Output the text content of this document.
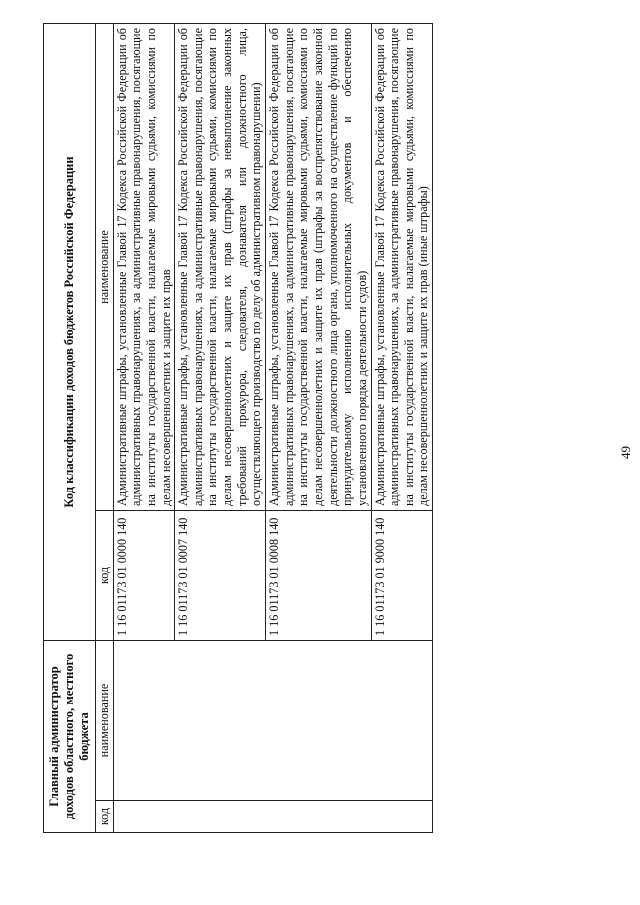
Главный администратор доходов областного, местного бюджета		Код классификации доходов бюджетов Российской Федерации	
код	наименование	код	наименование
		1 16 01173 01 0000 140	Административные штрафы, установленные Главой 17 Кодекса Российской Федерации об административных правонарушениях, за административные правонарушения, посягающие на институты государственной власти, налагаемые мировыми судьями, комиссиями по делам несовершеннолетних и защите их прав
		1 16 01173 01 0007 140	Административные штрафы, установленные Главой 17 Кодекса Российской Федерации об административных правонарушениях, за административные правонарушения, посягающие на институты государственной власти, налагаемые мировыми судьями, комиссиями по делам несовершеннолетних и защите их прав (штрафы за невыполнение законных требований прокурора, следователя, дознавателя или должностного лица, осуществляющего производство по делу об административном правонарушении)
		1 16 01173 01 0008 140	Административные штрафы, установленные Главой 17 Кодекса Российской Федерации об административных правонарушениях, за административные правонарушения, посягающие на институты государственной власти, налагаемые мировыми судьями, комиссиями по делам несовершеннолетних и защите их прав (штрафы за воспрепятствование законной деятельности должностного лица органа, уполномоченного на осуществление функций по принудительному исполнению исполнительных документов и обеспечению установленного порядка деятельности судов)
		1 16 01173 01 9000 140	Административные штрафы, установленные Главой 17 Кодекса Российской Федерации об административных правонарушениях, за административные правонарушения, посягающие на институты государственной власти, налагаемые мировыми судьями, комиссиями по делам несовершеннолетних и защите их прав (иные штрафы)	49
